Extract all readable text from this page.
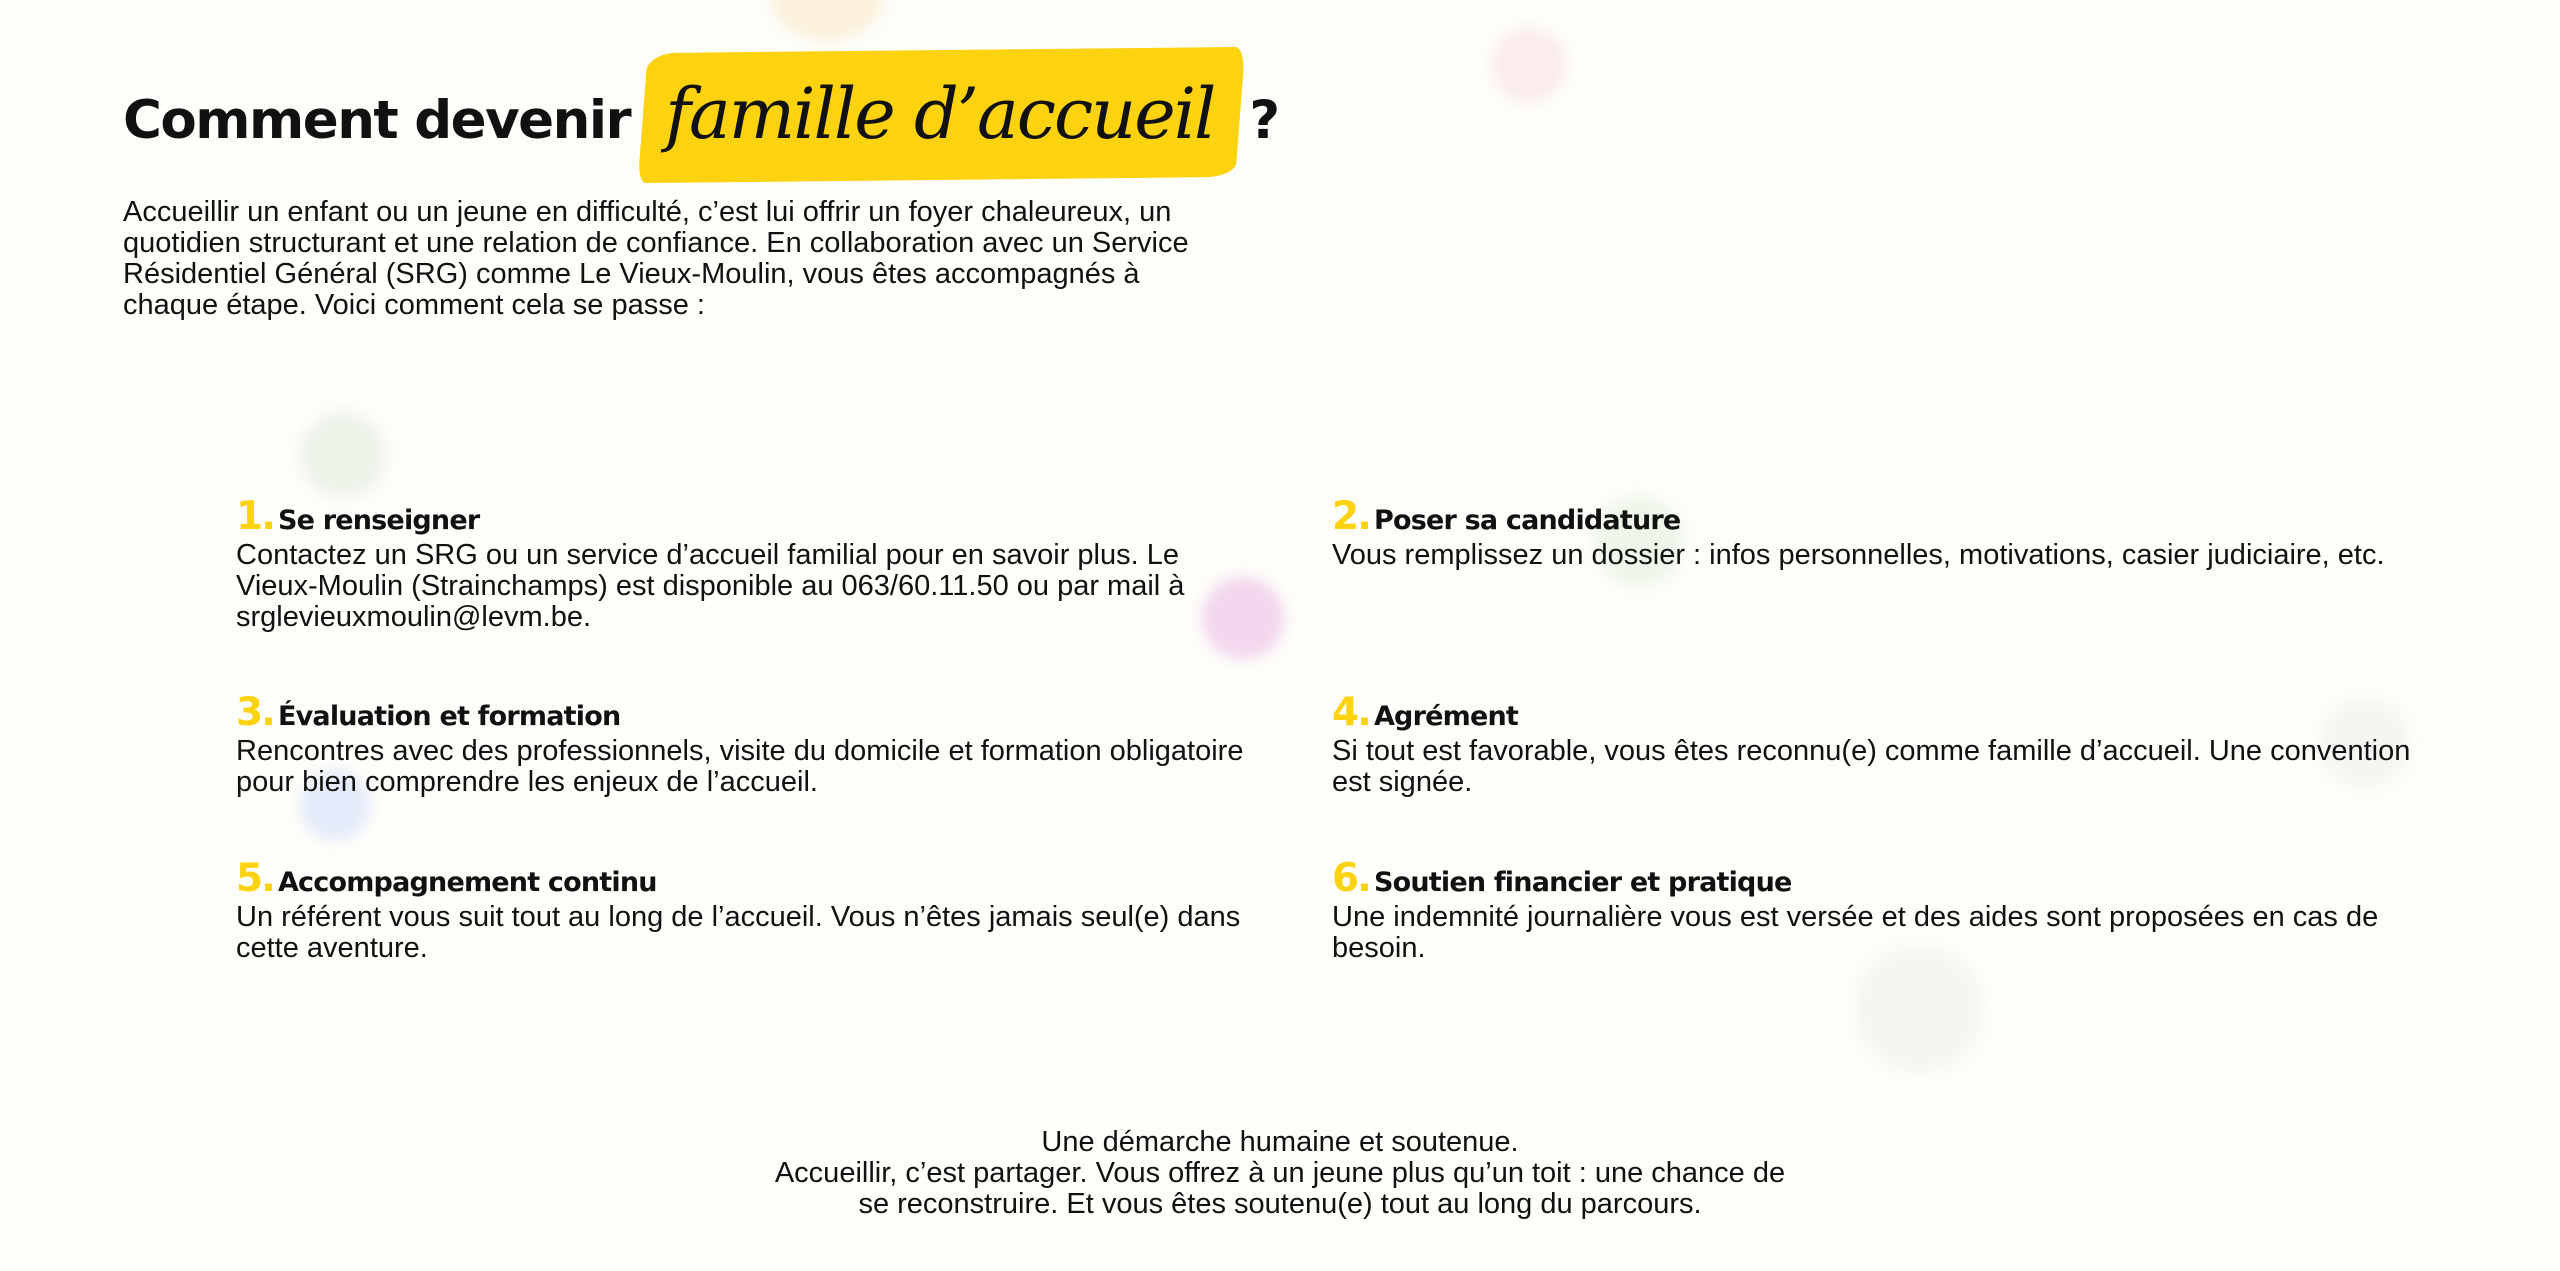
Comment devenir famille d’accueil ?

Accueillir un enfant ou un jeune en difficulté, c’est lui offrir un foyer chaleureux, un quotidien structurant et une relation de confiance. En collaboration avec un Service Résidentiel Général (SRG) comme Le Vieux-Moulin, vous êtes accompagnés à chaque étape. Voici comment cela se passe :

1. Se renseigner

Contactez un SRG ou un service d’accueil familial pour en savoir plus. Le Vieux-Moulin (Strainchamps) est disponible au 063/60.11.50 ou par mail à srglevieuxmoulin@levm.be.

2. Poser sa candidature

Vous remplissez un dossier : infos personnelles, motivations, casier judiciaire, etc.

3. Évaluation et formation

Rencontres avec des professionnels, visite du domicile et formation obligatoire pour bien comprendre les enjeux de l’accueil.

4. Agrément

Si tout est favorable, vous êtes reconnu(e) comme famille d’accueil. Une convention est signée.

5. Accompagnement continu

Un référent vous suit tout au long de l’accueil. Vous n’êtes jamais seul(e) dans cette aventure.

6. Soutien financier et pratique

Une indemnité journalière vous est versée et des aides sont proposées en cas de besoin.

Une démarche humaine et soutenue.
Accueillir, c’est partager. Vous offrez à un jeune plus qu’un toit : une chance de
se reconstruire. Et vous êtes soutenu(e) tout au long du parcours.
